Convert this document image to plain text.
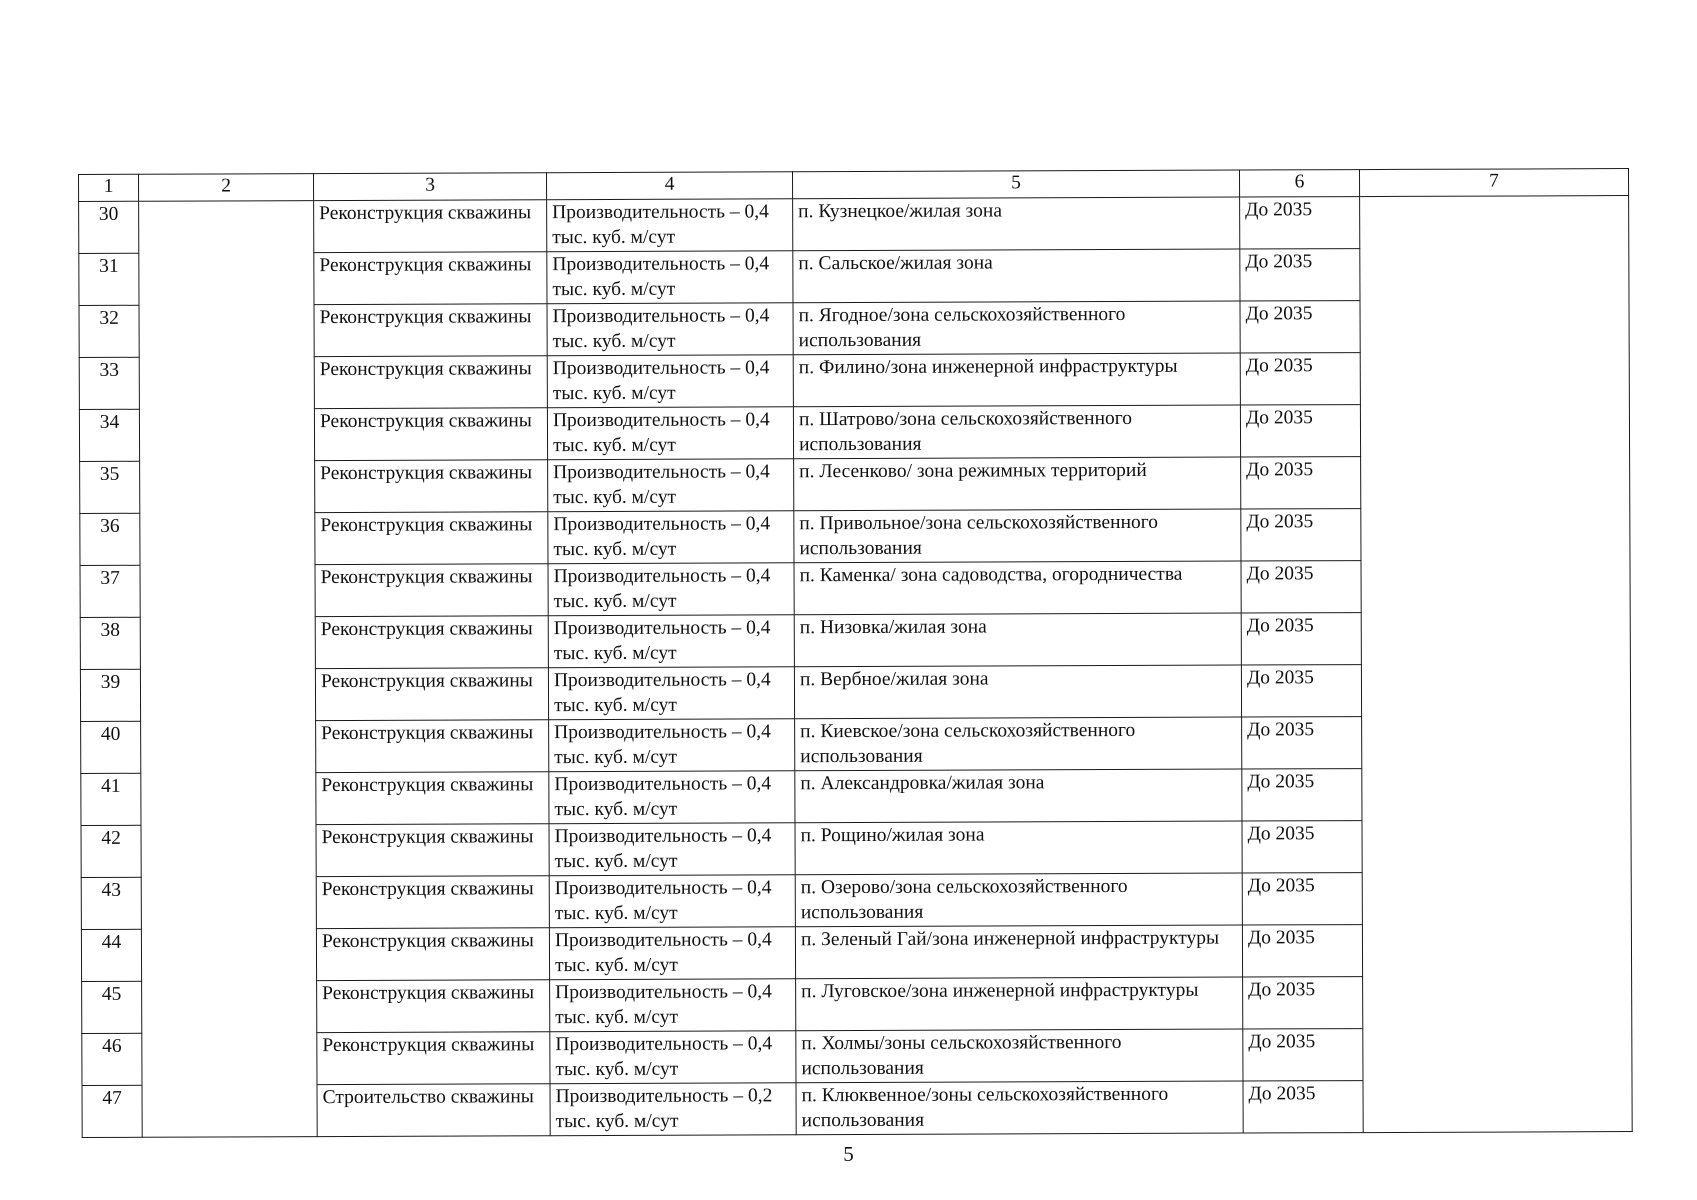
1	2	3	4	5	6	7
30		Реконструкция скважины	Производительность – 0,4 тыс. куб. м/сут	п. Кузнецкое/жилая зона	До 2035	
31		Реконструкция скважины	Производительность – 0,4 тыс. куб. м/сут	п. Сальское/жилая зона	До 2035	
32		Реконструкция скважины	Производительность – 0,4 тыс. куб. м/сут	п. Ягодное/зона сельскохозяйственного использования	До 2035	
33		Реконструкция скважины	Производительность – 0,4 тыс. куб. м/сут	п. Филино/зона инженерной инфраструктуры	До 2035	
34		Реконструкция скважины	Производительность – 0,4 тыс. куб. м/сут	п. Шатрово/зона сельскохозяйственного использования	До 2035	
35		Реконструкция скважины	Производительность – 0,4 тыс. куб. м/сут	п. Лесенково/ зона режимных территорий	До 2035	
36		Реконструкция скважины	Производительность – 0,4 тыс. куб. м/сут	п. Привольное/зона сельскохозяйственного использования	До 2035	
37		Реконструкция скважины	Производительность – 0,4 тыс. куб. м/сут	п. Каменка/ зона садоводства, огородничества	До 2035	
38		Реконструкция скважины	Производительность – 0,4 тыс. куб. м/сут	п. Низовка/жилая зона	До 2035	
39		Реконструкция скважины	Производительность – 0,4 тыс. куб. м/сут	п. Вербное/жилая зона	До 2035	
40		Реконструкция скважины	Производительность – 0,4 тыс. куб. м/сут	п. Киевское/зона сельскохозяйственного использования	До 2035	
41		Реконструкция скважины	Производительность – 0,4 тыс. куб. м/сут	п. Александровка/жилая зона	До 2035	
42		Реконструкция скважины	Производительность – 0,4 тыс. куб. м/сут	п. Рощино/жилая зона	До 2035	
43		Реконструкция скважины	Производительность – 0,4 тыс. куб. м/сут	п. Озерово/зона сельскохозяйственного использования	До 2035	
44		Реконструкция скважины	Производительность – 0,4 тыс. куб. м/сут	п. Зеленый Гай/зона инженерной инфраструктуры	До 2035	
45		Реконструкция скважины	Производительность – 0,4 тыс. куб. м/сут	п. Луговское/зона инженерной инфраструктуры	До 2035	
46		Реконструкция скважины	Производительность – 0,4 тыс. куб. м/сут	п. Холмы/зоны сельскохозяйственного использования	До 2035	
47		Строительство скважины	Производительность – 0,2 тыс. куб. м/сут	п. Клюквенное/зоны сельскохозяйственного использования	До 2035	
5
